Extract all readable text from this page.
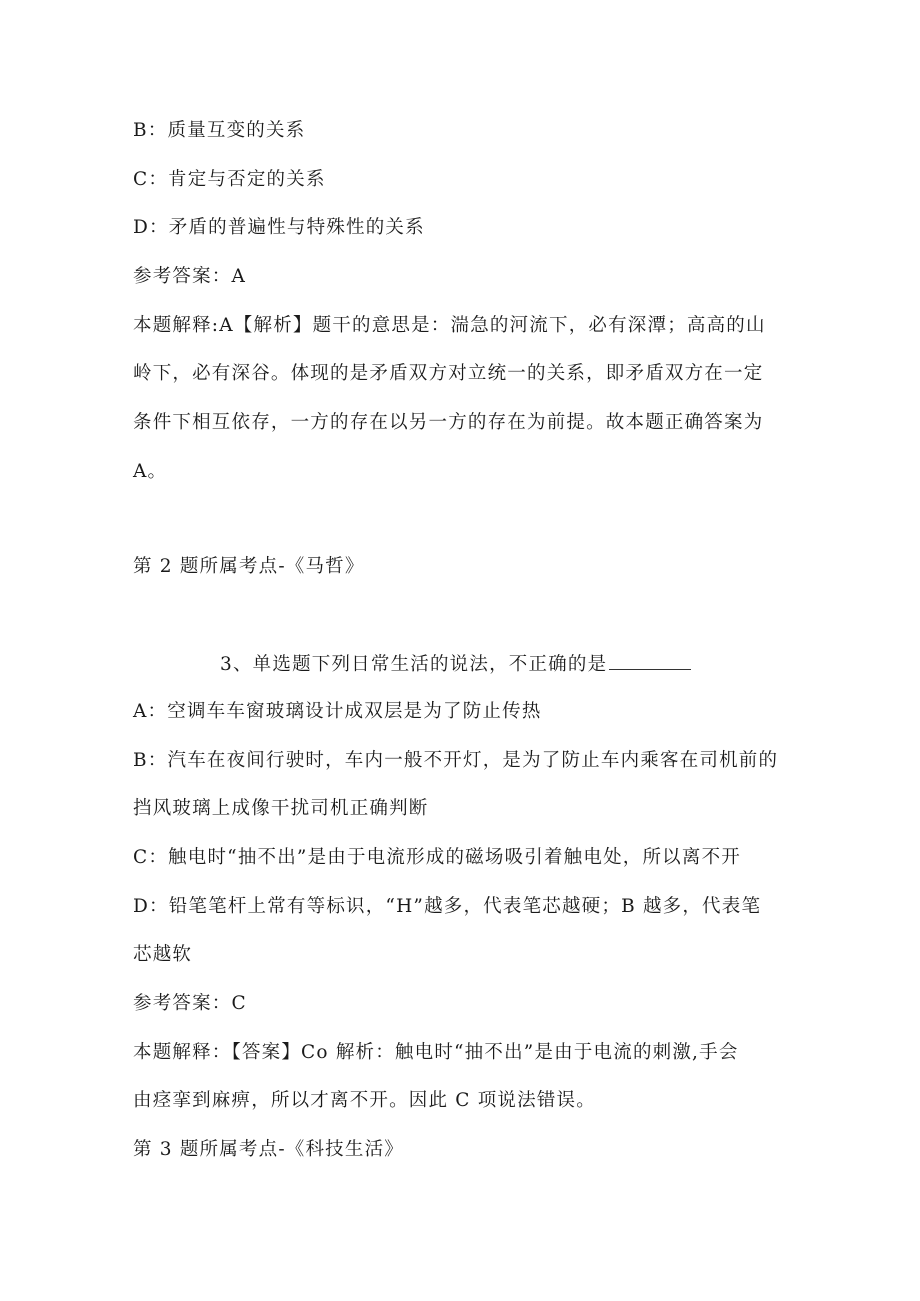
B：质量互变的关系
C：肯定与否定的关系
D：矛盾的普遍性与特殊性的关系
参考答案：A
本题解释:A【解析】题干的意思是：湍急的河流下，必有深潭；高高的山
岭下，必有深谷。体现的是矛盾双方对立统一的关系，即矛盾双方在一定
条件下相互依存，一方的存在以另一方的存在为前提。故本题正确答案为
A。
第 2 题所属考点-《马哲》
3、单选题下列日常生活的说法，不正确的是
A：空调车车窗玻璃设计成双层是为了防止传热
B：汽车在夜间行驶时，车内一般不开灯，是为了防止车内乘客在司机前的
挡风玻璃上成像干扰司机正确判断
C：触电时“抽不出”是由于电流形成的磁场吸引着触电处，所以离不开
D：铅笔笔杆上常有等标识，“H”越多，代表笔芯越硬；B 越多，代表笔
芯越软
参考答案：C
本题解释：【答案】Co 解析：触电时“抽不出”是由于电流的刺激,手会
由痉挛到麻痹，所以才离不开。因此 C 项说法错误。
第 3 题所属考点-《科技生活》
